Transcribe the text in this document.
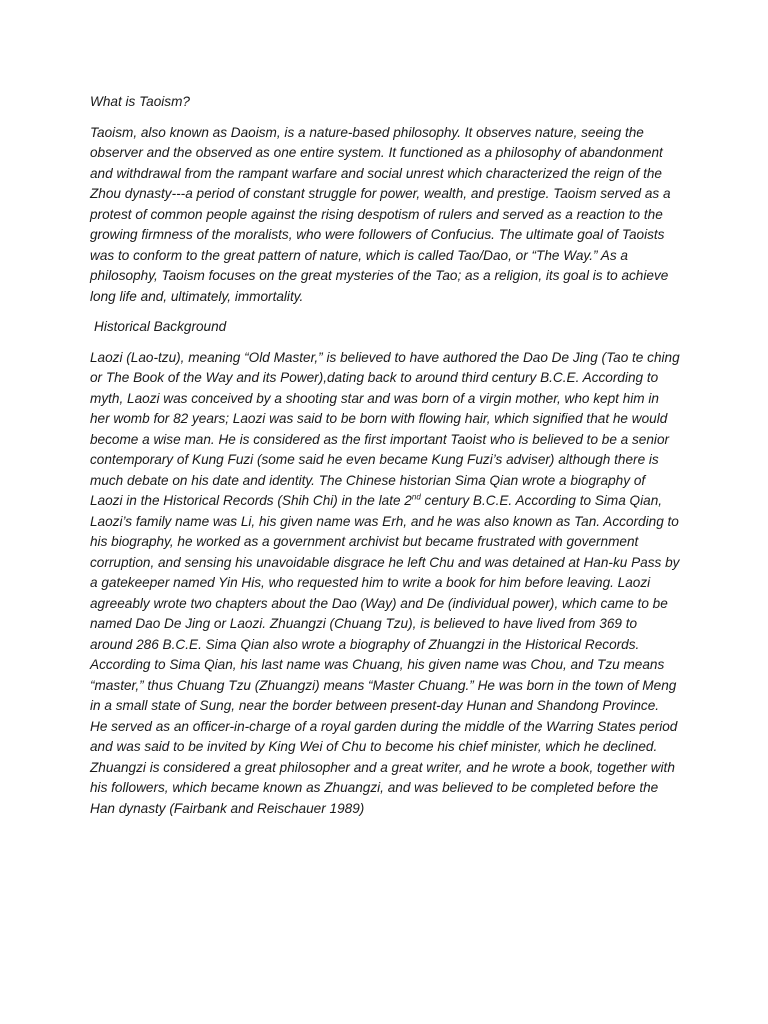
What is Taoism?

Taoism, also known as Daoism, is a nature-based philosophy. It observes nature, seeing the observer and the observed as one entire system. It functioned as a philosophy of abandonment and withdrawal from the rampant warfare and social unrest which characterized the reign of the Zhou dynasty---a period of constant struggle for power, wealth, and prestige. Taoism served as a protest of common people against the rising despotism of rulers and served as a reaction to the growing firmness of the moralists, who were followers of Confucius. The ultimate goal of Taoists was to conform to the great pattern of nature, which is called Tao/Dao, or “The Way.” As a philosophy, Taoism focuses on the great mysteries of the Tao; as a religion, its goal is to achieve long life and, ultimately, immortality.

Historical Background

Laozi (Lao-tzu), meaning “Old Master,” is believed to have authored the Dao De Jing (Tao te ching or The Book of the Way and its Power),dating back to around third century B.C.E. According to myth, Laozi was conceived by a shooting star and was born of a virgin mother, who kept him in her womb for 82 years; Laozi was said to be born with flowing hair, which signified that he would become a wise man. He is considered as the first important Taoist who is believed to be a senior contemporary of Kung Fuzi (some said he even became Kung Fuzi’s adviser) although there is much debate on his date and identity. The Chinese historian Sima Qian wrote a biography of Laozi in the Historical Records (Shih Chi) in the late 2nd century B.C.E. According to Sima Qian, Laozi’s family name was Li, his given name was Erh, and he was also known as Tan. According to his biography, he worked as a government archivist but became frustrated with government corruption, and sensing his unavoidable disgrace he left Chu and was detained at Han-ku Pass by a gatekeeper named Yin His, who requested him to write a book for him before leaving. Laozi agreeably wrote two chapters about the Dao (Way) and De (individual power), which came to be named Dao De Jing or Laozi. Zhuangzi (Chuang Tzu), is believed to have lived from 369 to around 286 B.C.E. Sima Qian also wrote a biography of Zhuangzi in the Historical Records. According to Sima Qian, his last name was Chuang, his given name was Chou, and Tzu means “master,” thus Chuang Tzu (Zhuangzi) means “Master Chuang.” He was born in the town of Meng in a small state of Sung, near the border between present-day Hunan and Shandong Province. He served as an officer-in-charge of a royal garden during the middle of the Warring States period and was said to be invited by King Wei of Chu to become his chief minister, which he declined. Zhuangzi is considered a great philosopher and a great writer, and he wrote a book, together with his followers, which became known as Zhuangzi, and was believed to be completed before the Han dynasty (Fairbank and Reischauer 1989)
